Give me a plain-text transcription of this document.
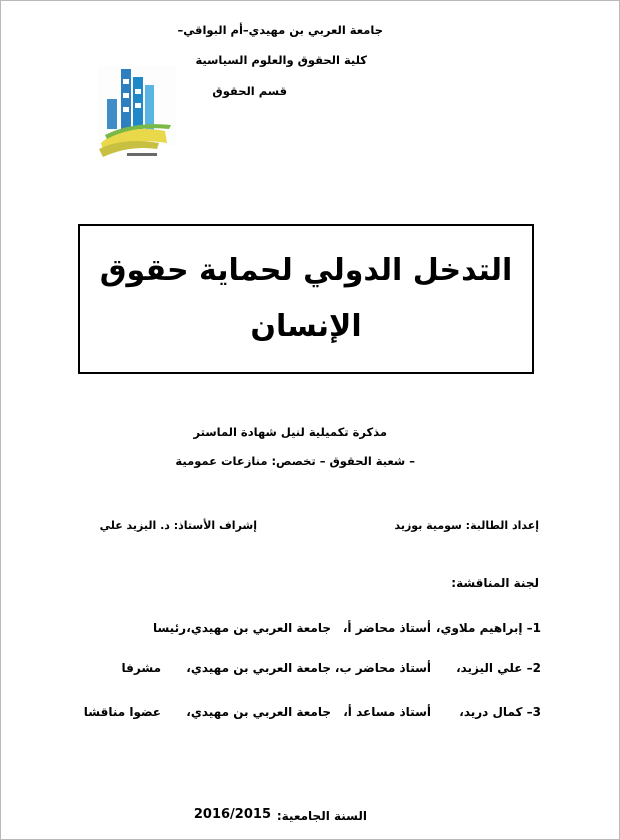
جامعة العربي بن مهيدي–أم البواقي–
كلية الحقوق والعلوم السياسية
قسم الحقوق
التدخل الدولي لحماية حقوق
الإنسان
مذكرة تكميلية لنيل شهادة الماستر
– شعبة الحقوق – تخصص: منازعات عمومية
إعداد الطالبة: سومية بوزيد
إشراف الأستاذ: د. اليزيد علي
لجنة المناقشة:
1– إبراهيم ملاوي،
أستاذ محاضر أ،
جامعة العربي بن مهيدي،
رئيسا
2– علي اليزيد،
أستاذ محاضر ب،
جامعة العربي بن مهيدي،
مشرفا
3– كمال دريد،
أستاذ مساعد أ،
جامعة العربي بن مهيدي،
عضوا مناقشا
السنة الجامعية:
2016/2015
